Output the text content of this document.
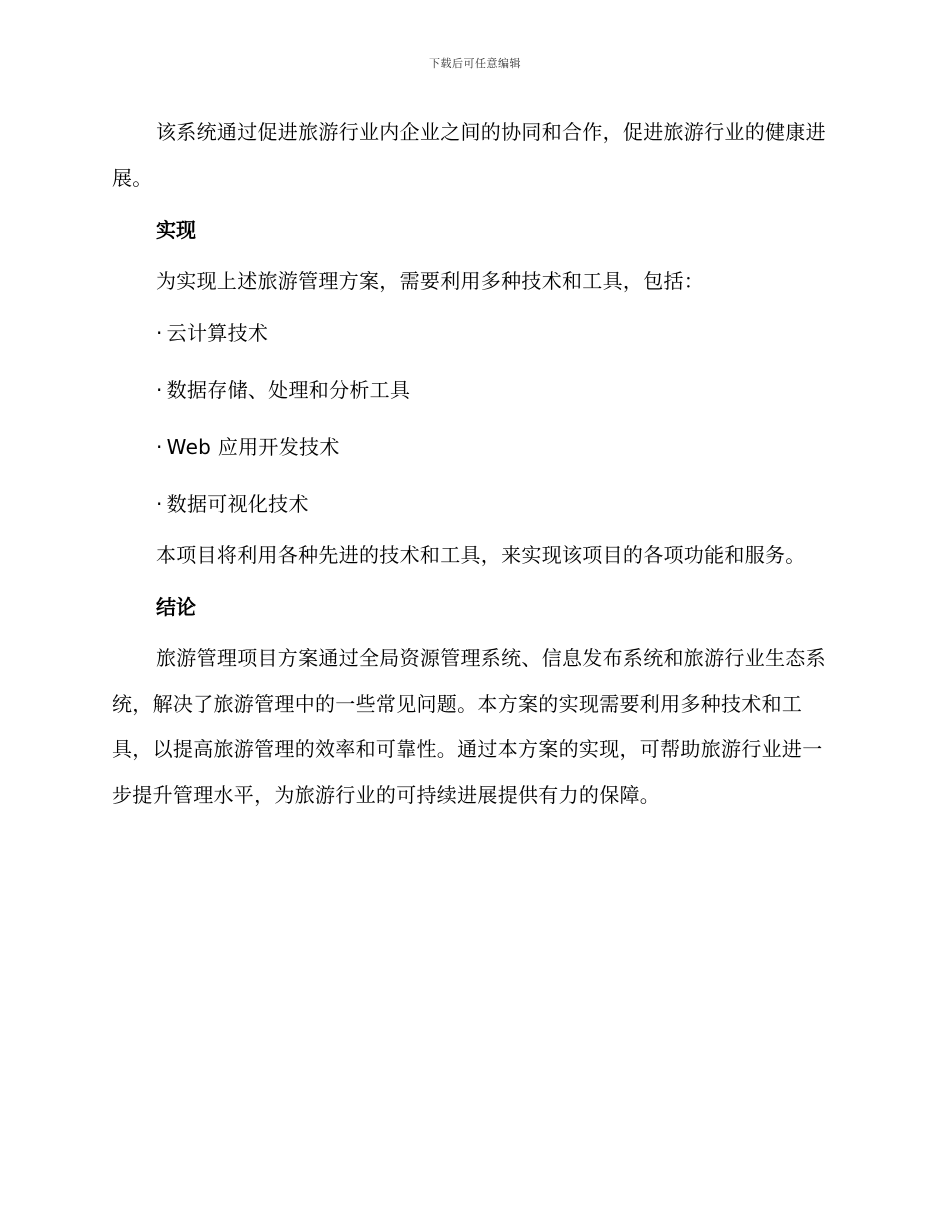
下载后可任意编辑

该系统通过促进旅游行业内企业之间的协同和合作，促进旅游行业的健康进展。

实现

为实现上述旅游管理方案，需要利用多种技术和工具，包括：

· 云计算技术
· 数据存储、处理和分析工具
· Web 应用开发技术
· 数据可视化技术

本项目将利用各种先进的技术和工具，来实现该项目的各项功能和服务。

结论

旅游管理项目方案通过全局资源管理系统、信息发布系统和旅游行业生态系统，解决了旅游管理中的一些常见问题。本方案的实现需要利用多种技术和工具，以提高旅游管理的效率和可靠性。通过本方案的实现，可帮助旅游行业进一步提升管理水平，为旅游行业的可持续进展提供有力的保障。
